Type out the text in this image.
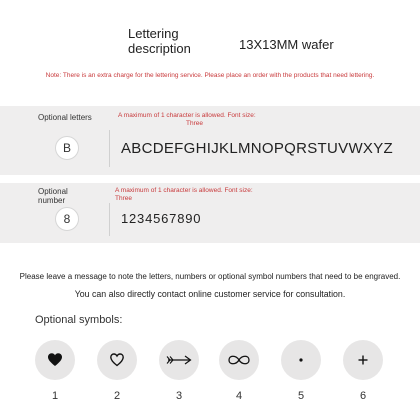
Lettering description	13X13MM wafer
Note: There is an extra charge for the lettering service. Please place an order with the products that need lettering.
Optional letters	A maximum of 1 character is allowed. Font size:
Three
B	ABCDEFGHIJKLMNOPQRSTUVWXYZ
Optional number
A maximum of 1 character is allowed. Font size:
Three
8	1234567890
Please leave a message to note the letters, numbers or optional symbol numbers that need to be engraved.
You can also directly contact online customer service for consultation.
Optional symbols:
1	2	3	4	5	6
